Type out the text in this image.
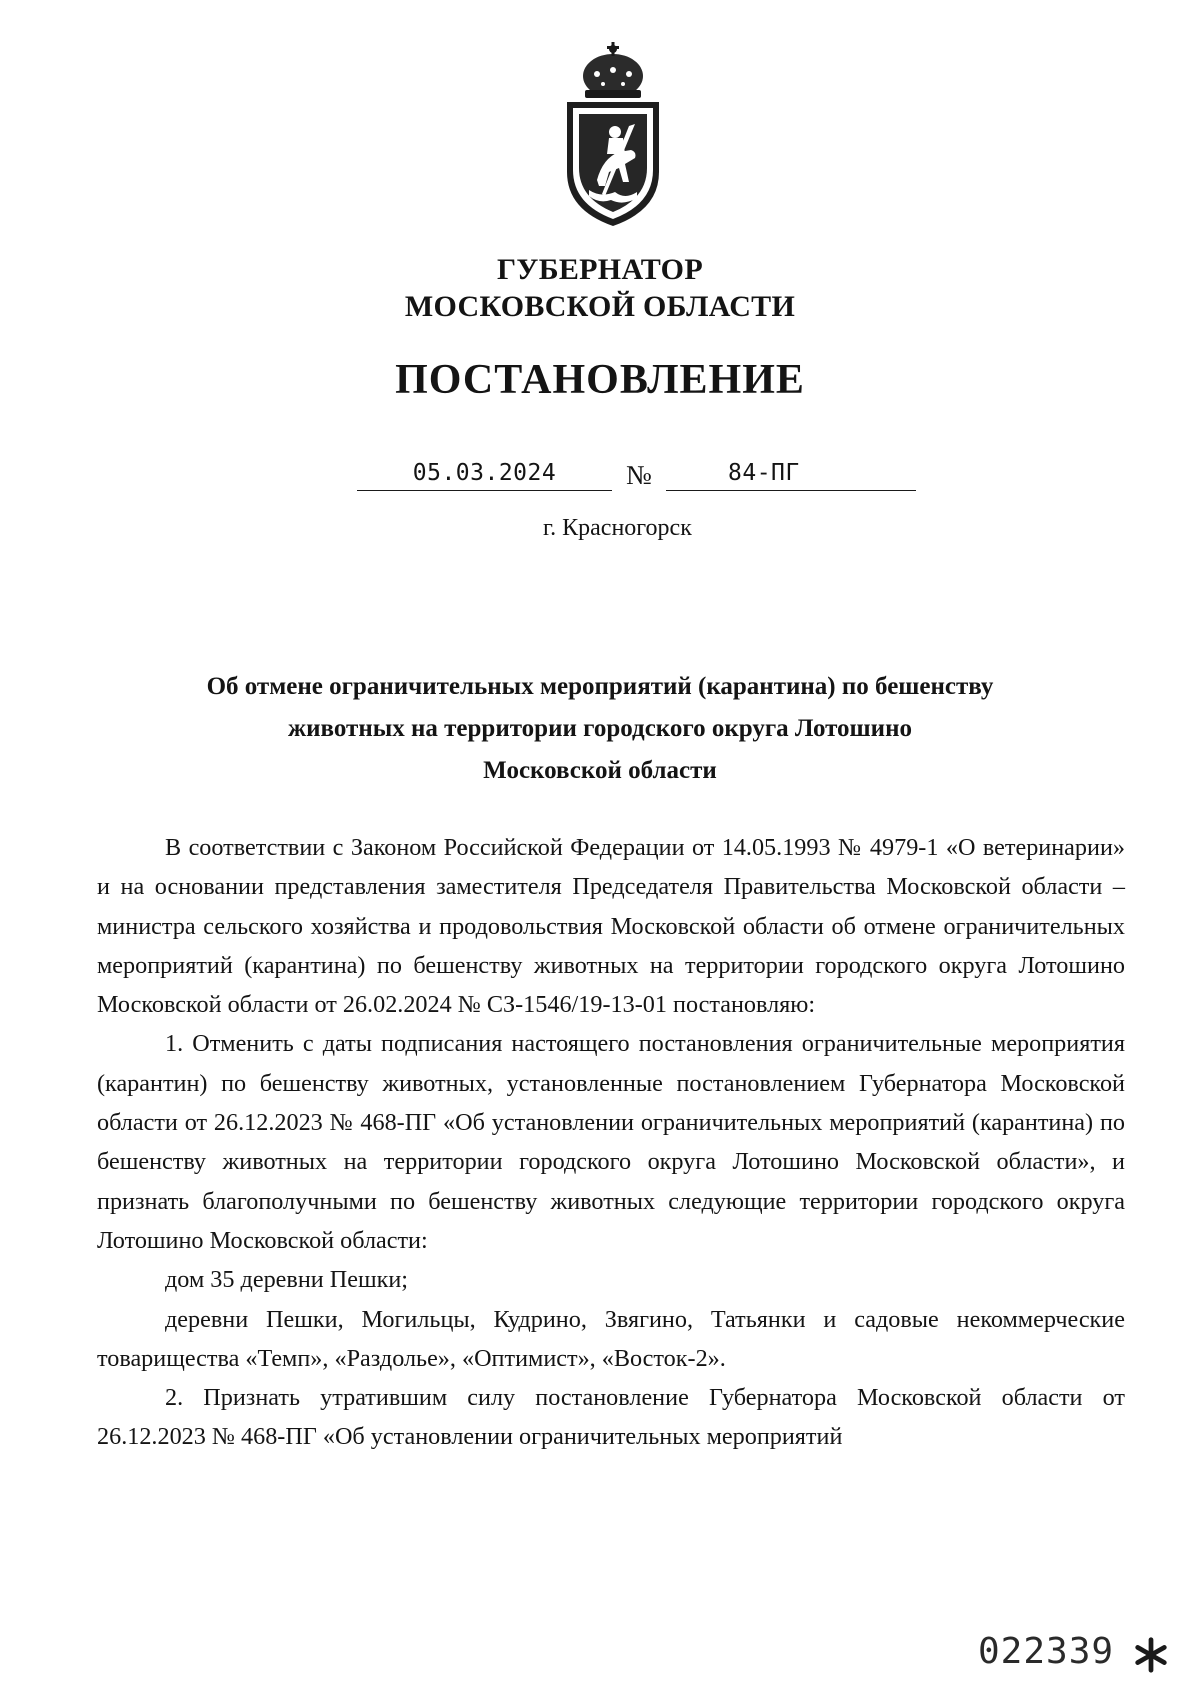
ГУБЕРНАТОР
МОСКОВСКОЙ ОБЛАСТИ
ПОСТАНОВЛЕНИЕ
05.03.2024	№	84-ПГ
г. Красногорск
Об отмене ограничительных мероприятий (карантина) по бешенству
животных на территории городского округа Лотошино
Московской области

В соответствии с Законом Российской Федерации от 14.05.1993 № 4979-1 «О ветеринарии» и на основании представления заместителя Председателя Правительства Московской области – министра сельского хозяйства и продовольствия Московской области об отмене ограничительных мероприятий (карантина) по бешенству животных на территории городского округа Лотошино Московской области от 26.02.2024 № СЗ-1546/19-13-01 постановляю:

1. Отменить с даты подписания настоящего постановления ограничительные мероприятия (карантин) по бешенству животных, установленные постановлением Губернатора Московской области от 26.12.2023 № 468-ПГ «Об установлении ограничительных мероприятий (карантина) по бешенству животных на территории городского округа Лотошино Московской области», и признать благополучными по бешенству животных следующие территории городского округа Лотошино Московской области:

дом 35 деревни Пешки;

деревни Пешки, Могильцы, Кудрино, Звягино, Татьянки и садовые некоммерческие товарищества «Темп», «Раздолье», «Оптимист», «Восток-2».

2. Признать утратившим силу постановление Губернатора Московской области от 26.12.2023 № 468-ПГ «Об установлении ограничительных мероприятий

022339
